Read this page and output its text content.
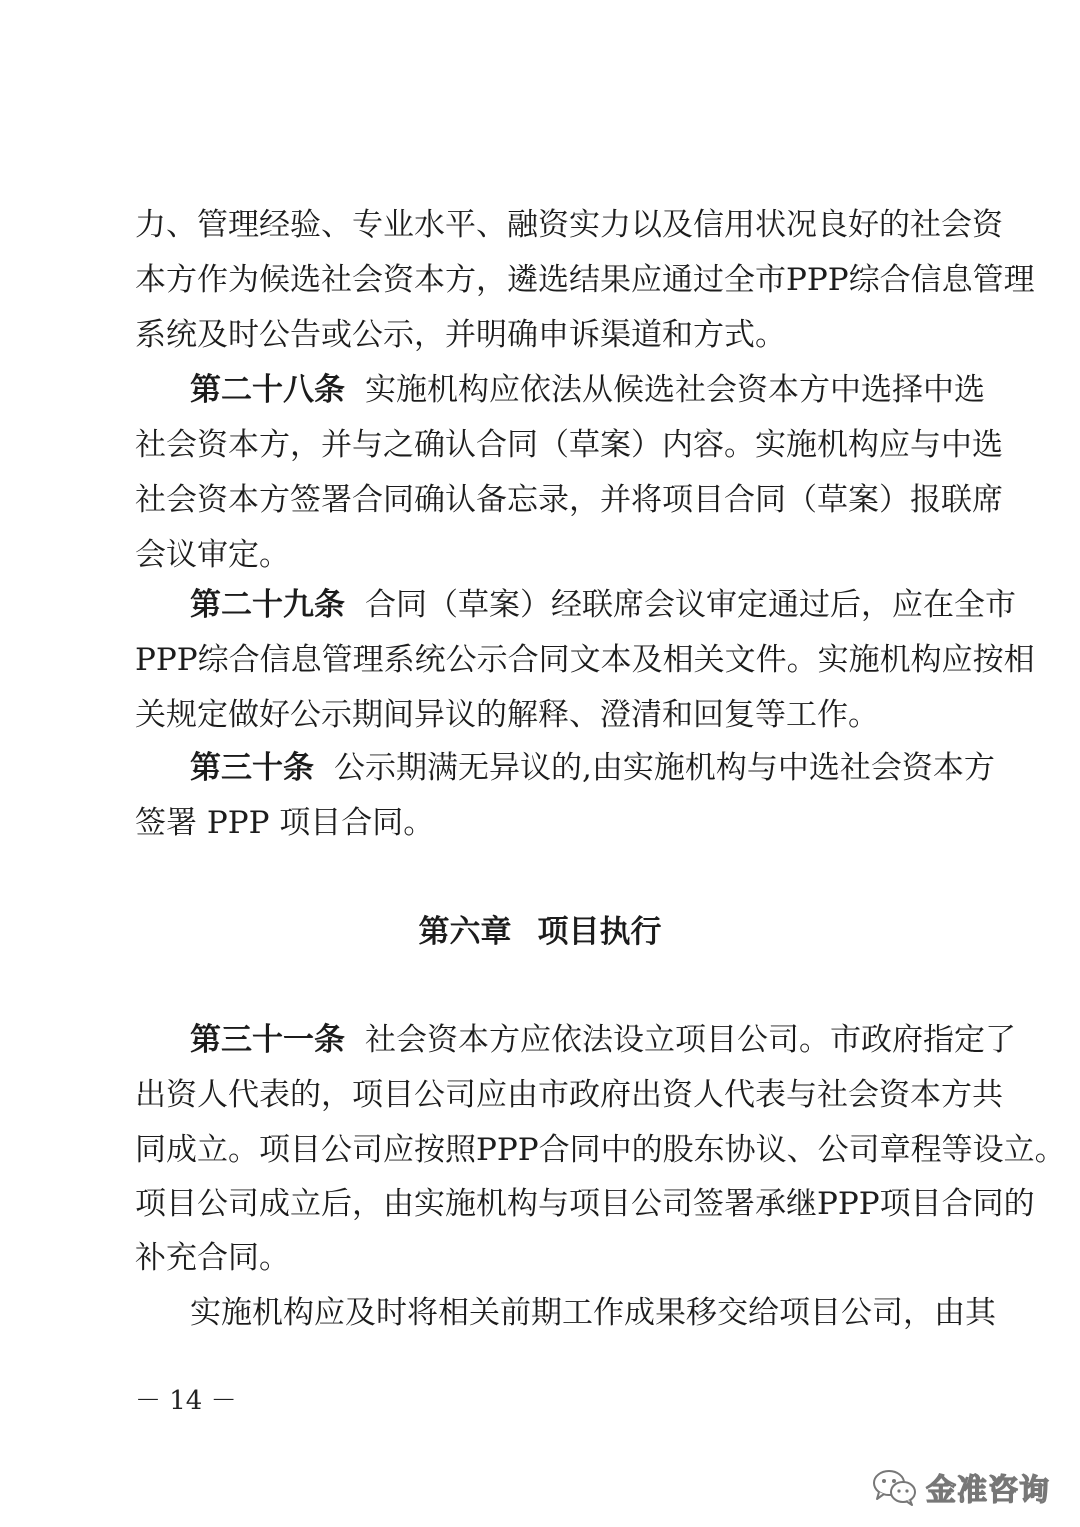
力、管理经验、专业水平、融资实力以及信用状况良好的社会资
本方作为候选社会资本方，遴选结果应通过全市PPP综合信息管理
系统及时公告或公示，并明确申诉渠道和方式。
第二十八条 实施机构应依法从候选社会资本方中选择中选
社会资本方，并与之确认合同（草案）内容。实施机构应与中选
社会资本方签署合同确认备忘录，并将项目合同（草案）报联席
会议审定。
第二十九条 合同（草案）经联席会议审定通过后，应在全市
PPP综合信息管理系统公示合同文本及相关文件。实施机构应按相
关规定做好公示期间异议的解释、澄清和回复等工作。
第三十条 公示期满无异议的,由实施机构与中选社会资本方
签署 PPP 项目合同。
第六章 项目执行
第三十一条 社会资本方应依法设立项目公司。市政府指定了
出资人代表的，项目公司应由市政府出资人代表与社会资本方共
同成立。项目公司应按照PPP合同中的股东协议、公司章程等设立。
项目公司成立后，由实施机构与项目公司签署承继PPP项目合同的
补充合同。
实施机构应及时将相关前期工作成果移交给项目公司，由其
－ 14 －
金准咨询
